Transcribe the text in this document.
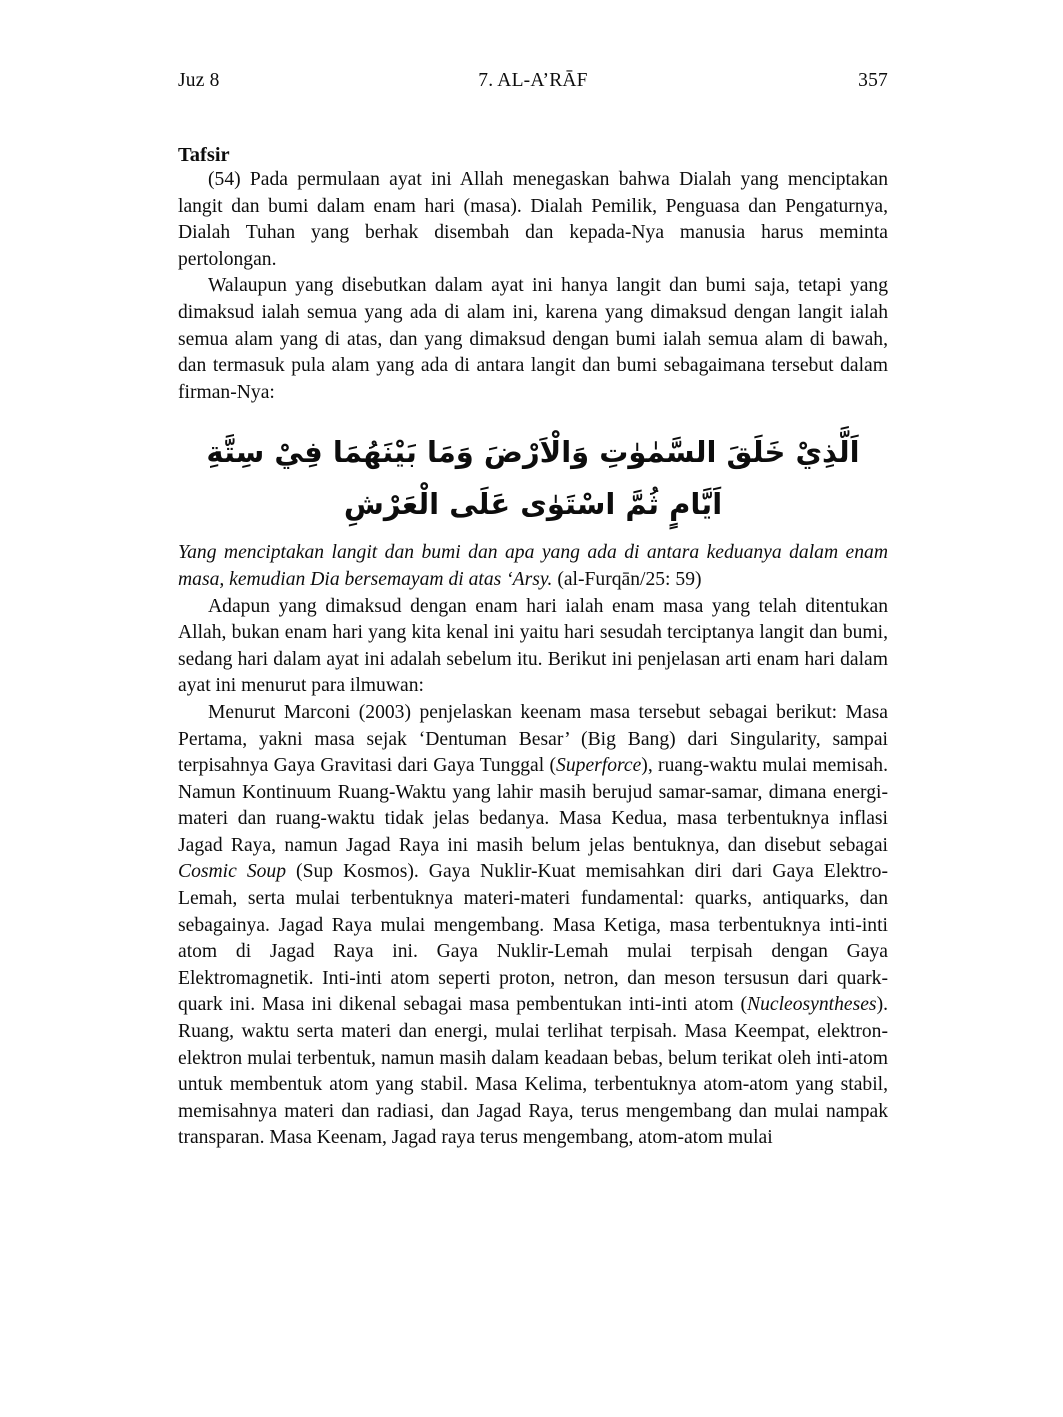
Juz 8	7. AL-A’RĀF	357
Tafsir

(54) Pada permulaan ayat ini Allah menegaskan bahwa Dialah yang menciptakan langit dan bumi dalam enam hari (masa). Dialah Pemilik, Penguasa dan Pengaturnya, Dialah Tuhan yang berhak disembah dan kepada-Nya manusia harus meminta pertolongan.

Walaupun yang disebutkan dalam ayat ini hanya langit dan bumi saja, tetapi yang dimaksud ialah semua yang ada di alam ini, karena yang dimaksud dengan langit ialah semua alam yang di atas, dan yang dimaksud dengan bumi ialah semua alam di bawah, dan termasuk pula alam yang ada di antara langit dan bumi sebagaimana tersebut dalam firman-Nya:

اَلَّذِيْ خَلَقَ السَّمٰوٰتِ وَالْاَرْضَ وَمَا بَيْنَهُمَا فِيْ سِتَّةِ اَيَّامٍ ثُمَّ اسْتَوٰى عَلَى الْعَرْشِ

Yang menciptakan langit dan bumi dan apa yang ada di antara keduanya dalam enam masa, kemudian Dia bersemayam di atas ‘Arsy. (al-Furqān/25: 59)

Adapun yang dimaksud dengan enam hari ialah enam masa yang telah ditentukan Allah, bukan enam hari yang kita kenal ini yaitu hari sesudah terciptanya langit dan bumi, sedang hari dalam ayat ini adalah sebelum itu. Berikut ini penjelasan arti enam hari dalam ayat ini menurut para ilmuwan:

Menurut Marconi (2003) penjelaskan keenam masa tersebut sebagai berikut: Masa Pertama, yakni masa sejak ‘Dentuman Besar’ (Big Bang) dari Singularity, sampai terpisahnya Gaya Gravitasi dari Gaya Tunggal (Superforce), ruang-waktu mulai memisah. Namun Kontinuum Ruang-Waktu yang lahir masih berujud samar-samar, dimana energi-materi dan ruang-waktu tidak jelas bedanya. Masa Kedua, masa terbentuknya inflasi Jagad Raya, namun Jagad Raya ini masih belum jelas bentuknya, dan disebut sebagai Cosmic Soup (Sup Kosmos). Gaya Nuklir-Kuat memisahkan diri dari Gaya Elektro-Lemah, serta mulai terbentuknya materi-materi fundamental: quarks, antiquarks, dan sebagainya. Jagad Raya mulai mengembang. Masa Ketiga, masa terbentuknya inti-inti atom di Jagad Raya ini. Gaya Nuklir-Lemah mulai terpisah dengan Gaya Elektromagnetik. Inti-inti atom seperti proton, netron, dan meson tersusun dari quark-quark ini. Masa ini dikenal sebagai masa pembentukan inti-inti atom (Nucleosyntheses). Ruang, waktu serta materi dan energi, mulai terlihat terpisah. Masa Keempat, elektron-elektron mulai terbentuk, namun masih dalam keadaan bebas, belum terikat oleh inti-atom untuk membentuk atom yang stabil. Masa Kelima, terbentuknya atom-atom yang stabil, memisahnya materi dan radiasi, dan Jagad Raya, terus mengembang dan mulai nampak transparan. Masa Keenam, Jagad raya terus mengembang, atom-atom mulai
